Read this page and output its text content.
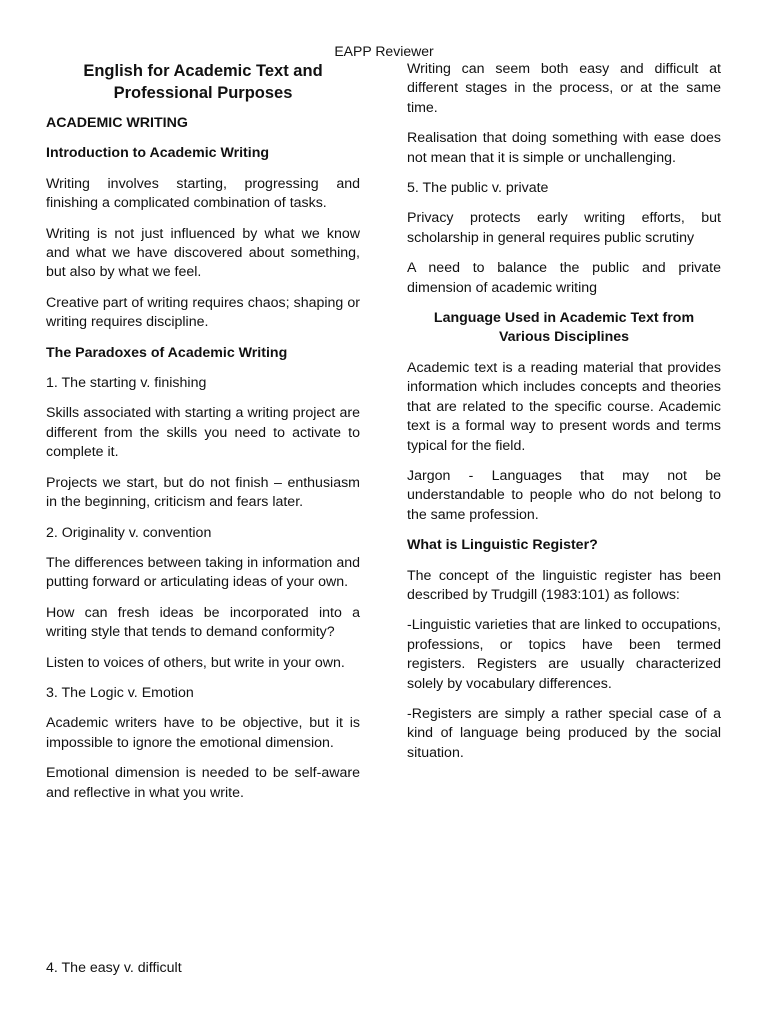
EAPP Reviewer
English for Academic Text and Professional Purposes
ACADEMIC WRITING
Introduction to Academic Writing

Writing involves starting, progressing and finishing a complicated combination of tasks.

Writing is not just influenced by what we know and what we have discovered about something, but also by what we feel.

Creative part of writing requires chaos; shaping or writing requires discipline.

The Paradoxes of Academic Writing

1. The starting v. finishing

Skills associated with starting a writing project are different from the skills you need to activate to complete it.

Projects we start, but do not finish – enthusiasm in the beginning, criticism and fears later.

2. Originality v. convention

The differences between taking in information and putting forward or articulating ideas of your own.

How can fresh ideas be incorporated into a writing style that tends to demand conformity?

Listen to voices of others, but write in your own.

3. The Logic v. Emotion

Academic writers have to be objective, but it is impossible to ignore the emotional dimension.

Emotional dimension is needed to be self-aware and reflective in what you write.

4. The easy v. difficult

Writing can seem both easy and difficult at different stages in the process, or at the same time.

Realisation that doing something with ease does not mean that it is simple or unchallenging.

5. The public v. private

Privacy protects early writing efforts, but scholarship in general requires public scrutiny

A need to balance the public and private dimension of academic writing

Language Used in Academic Text from Various Disciplines

Academic text is a reading material that provides information which includes concepts and theories that are related to the specific course. Academic text is a formal way to present words and terms typical for the field.

Jargon - Languages that may not be understandable to people who do not belong to the same profession.

What is Linguistic Register?

The concept of the linguistic register has been described by Trudgill (1983:101) as follows:

-Linguistic varieties that are linked to occupations, professions, or topics have been termed registers. Registers are usually characterized solely by vocabulary differences.

-Registers are simply a rather special case of a kind of language being produced by the social situation.
